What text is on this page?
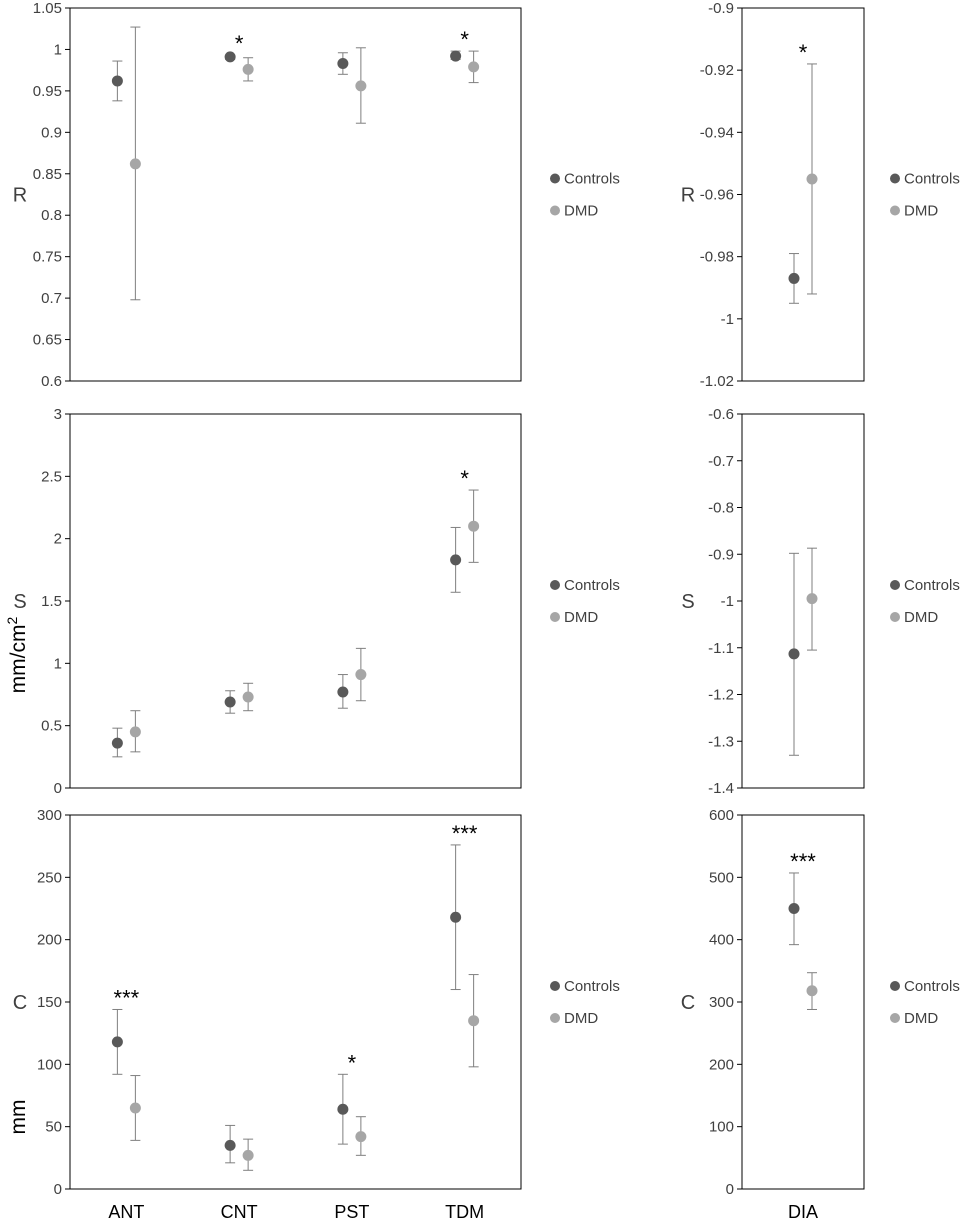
$mm/cm^2$
mm
0.6
0.65
0.7
0.75
0.8
0.85
0.9
0.95
1
1.05
R
*	*
Controls
DMD
-1.02
-1
-0.98
-0.96
-0.94
-0.92
-0.9
R
*
Controls
DMD
0
0.5
1
1.5
2
2.5
3
S
*
Controls
DMD
-1.4
-1.3
-1.2
-1.1
-1
-0.9
-0.8
-0.7
-0.6
S
Controls
DMD
0
50
100
150
200
250
300
C
ANT	CNT	PST	TDM
***
*
***
Controls
DMD
0
100
200
300
400
500
600
C
DIA
***
Controls
DMD
